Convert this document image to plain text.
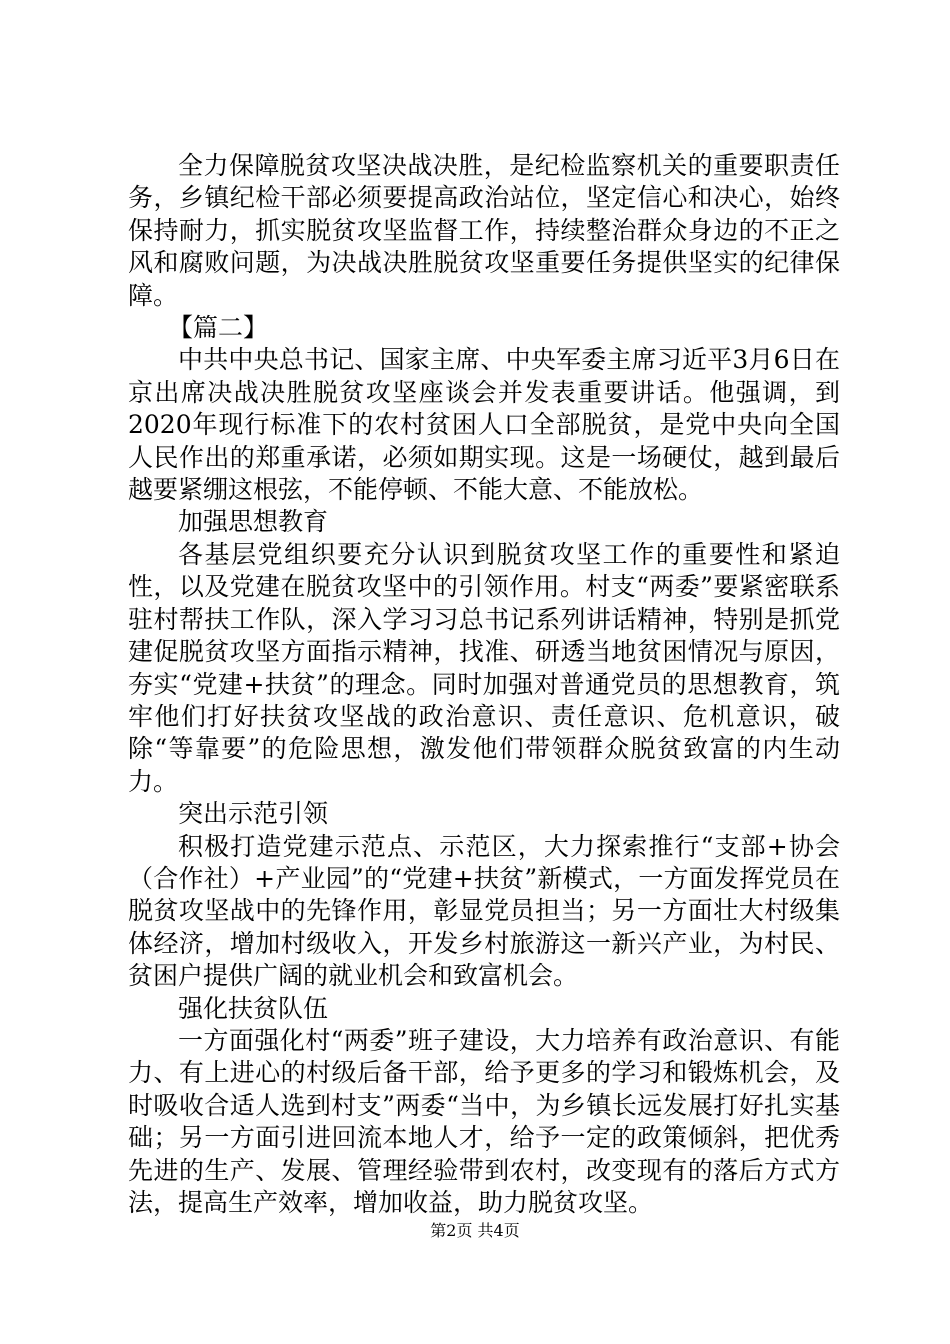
全力保障脱贫攻坚决战决胜，是纪检监察机关的重要职责任务，乡镇纪检干部必须要提高政治站位，坚定信心和决心，始终保持耐力，抓实脱贫攻坚监督工作，持续整治群众身边的不正之风和腐败问题，为决战决胜脱贫攻坚重要任务提供坚实的纪律保障。

【篇二】

中共中央总书记、国家主席、中央军委主席习近平3月6日在京出席决战决胜脱贫攻坚座谈会并发表重要讲话。他强调，到2020年现行标准下的农村贫困人口全部脱贫，是党中央向全国人民作出的郑重承诺，必须如期实现。这是一场硬仗，越到最后越要紧绷这根弦，不能停顿、不能大意、不能放松。

加强思想教育

各基层党组织要充分认识到脱贫攻坚工作的重要性和紧迫性，以及党建在脱贫攻坚中的引领作用。村支“两委”要紧密联系驻村帮扶工作队，深入学习习总书记系列讲话精神，特别是抓党建促脱贫攻坚方面指示精神，找准、研透当地贫困情况与原因，夯实“党建+扶贫”的理念。同时加强对普通党员的思想教育，筑牢他们打好扶贫攻坚战的政治意识、责任意识、危机意识，破除“等靠要”的危险思想，激发他们带领群众脱贫致富的内生动力。

突出示范引领

积极打造党建示范点、示范区，大力探索推行“支部+协会（合作社）+产业园”的“党建+扶贫”新模式，一方面发挥党员在脱贫攻坚战中的先锋作用，彰显党员担当；另一方面壮大村级集体经济，增加村级收入，开发乡村旅游这一新兴产业，为村民、贫困户提供广阔的就业机会和致富机会。

强化扶贫队伍

一方面强化村“两委”班子建设，大力培养有政治意识、有能力、有上进心的村级后备干部，给予更多的学习和锻炼机会，及时吸收合适人选到村支”两委“当中，为乡镇长远发展打好扎实基础；另一方面引进回流本地人才，给予一定的政策倾斜，把优秀先进的生产、发展、管理经验带到农村，改变现有的落后方式方法，提高生产效率，增加收益，助力脱贫攻坚。

第2页 共4页
